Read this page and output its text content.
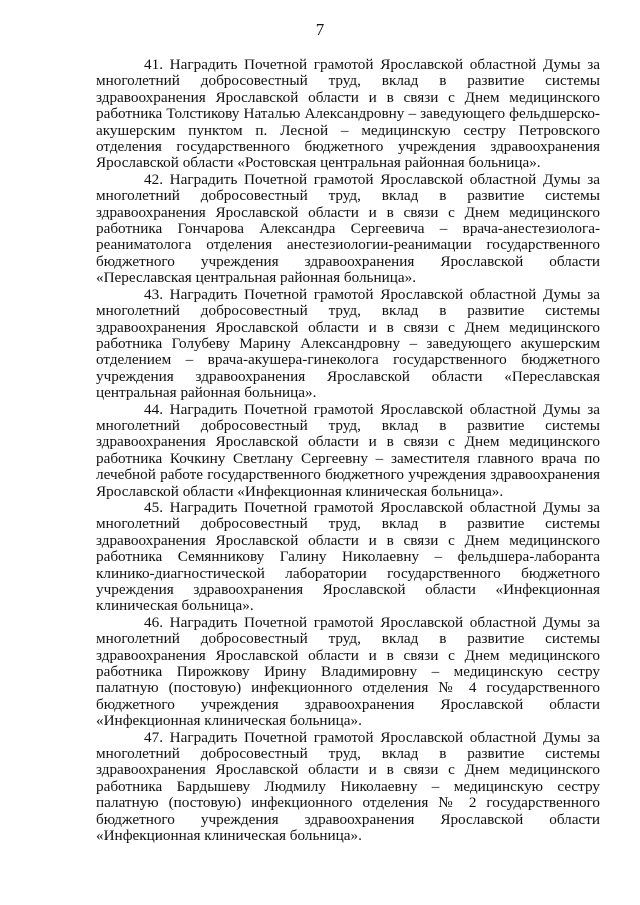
7

41. Наградить Почетной грамотой Ярославской областной Думы за многолетний добросовестный труд, вклад в развитие системы здравоохранения Ярославской области и в связи с Днем медицинского работника Толстикову Наталью Александровну – заведующего фельдшерско-акушерским пунктом п. Лесной – медицинскую сестру Петровского отделения государственного бюджетного учреждения здравоохранения Ярославской области «Ростовская центральная районная больница».

42. Наградить Почетной грамотой Ярославской областной Думы за многолетний добросовестный труд, вклад в развитие системы здравоохранения Ярославской области и в связи с Днем медицинского работника Гончарова Александра Сергеевича – врача-анестезиолога-реаниматолога отделения анестезиологии-реанимации государственного бюджетного учреждения здравоохранения Ярославской области «Переславская центральная районная больница».

43. Наградить Почетной грамотой Ярославской областной Думы за многолетний добросовестный труд, вклад в развитие системы здравоохранения Ярославской области и в связи с Днем медицинского работника Голубеву Марину Александровну – заведующего акушерским отделением – врача-акушера-гинеколога государственного бюджетного учреждения здравоохранения Ярославской области «Переславская центральная районная больница».

44. Наградить Почетной грамотой Ярославской областной Думы за многолетний добросовестный труд, вклад в развитие системы здравоохранения Ярославской области и в связи с Днем медицинского работника Кочкину Светлану Сергеевну – заместителя главного врача по лечебной работе государственного бюджетного учреждения здравоохранения Ярославской области «Инфекционная клиническая больница».

45. Наградить Почетной грамотой Ярославской областной Думы за многолетний добросовестный труд, вклад в развитие системы здравоохранения Ярославской области и в связи с Днем медицинского работника Семянникову Галину Николаевну – фельдшера-лаборанта клинико-диагностической лаборатории государственного бюджетного учреждения здравоохранения Ярославской области «Инфекционная клиническая больница».

46. Наградить Почетной грамотой Ярославской областной Думы за многолетний добросовестный труд, вклад в развитие системы здравоохранения Ярославской области и в связи с Днем медицинского работника Пирожкову Ирину Владимировну – медицинскую сестру палатную (постовую) инфекционного отделения № 4 государственного бюджетного учреждения здравоохранения Ярославской области «Инфекционная клиническая больница».

47. Наградить Почетной грамотой Ярославской областной Думы за многолетний добросовестный труд, вклад в развитие системы здравоохранения Ярославской области и в связи с Днем медицинского работника Бардышеву Людмилу Николаевну – медицинскую сестру палатную (постовую) инфекционного отделения № 2 государственного бюджетного учреждения здравоохранения Ярославской области «Инфекционная клиническая больница».
